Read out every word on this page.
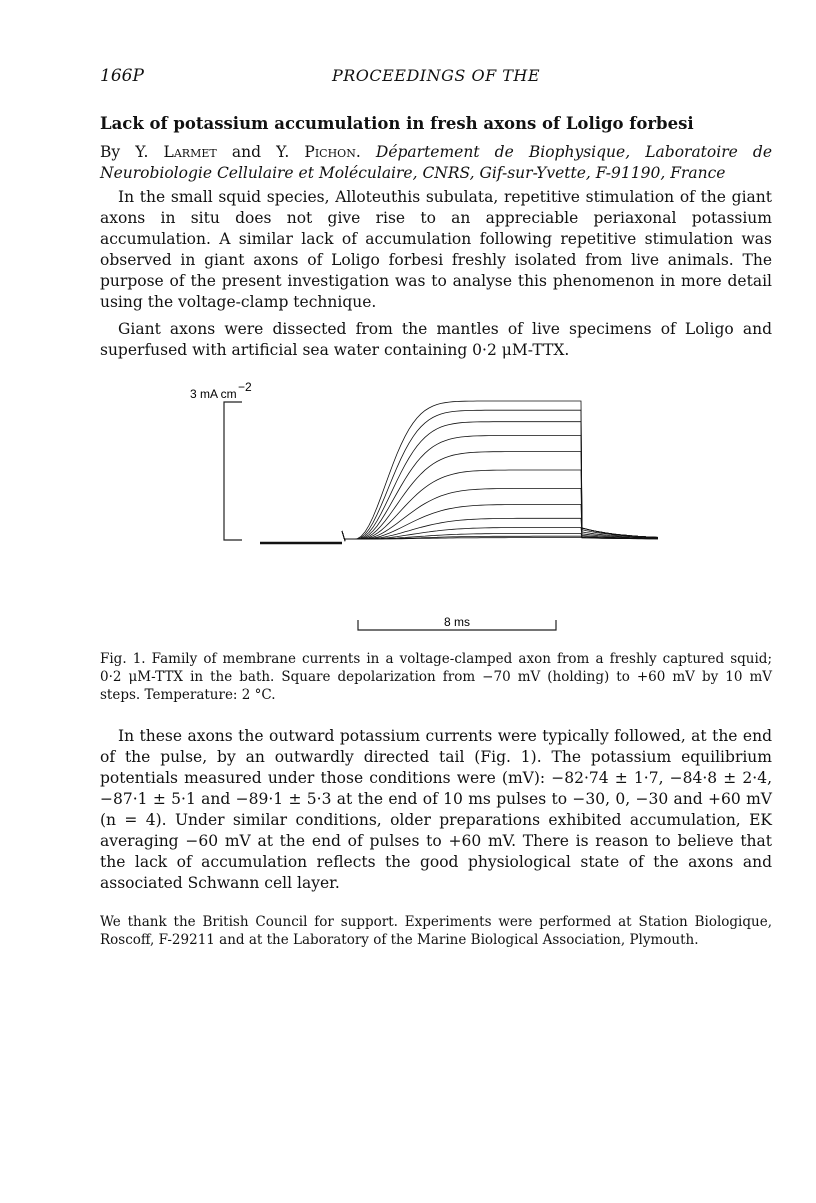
166P	PROCEEDINGS OF THE
Lack of potassium accumulation in fresh axons of Loligo forbesi
By Y. Larmet and Y. Pichon. Département de Biophysique, Laboratoire de Neurobiologie Cellulaire et Moléculaire, CNRS, Gif-sur-Yvette, F-91190, France
In the small squid species, Alloteuthis subulata, repetitive stimulation of the giant axons in situ does not give rise to an appreciable periaxonal potassium accumulation. A similar lack of accumulation following repetitive stimulation was observed in giant axons of Loligo forbesi freshly isolated from live animals. The purpose of the present investigation was to analyse this phenomenon in more detail using the voltage-clamp technique.
Giant axons were dissected from the mantles of live specimens of Loligo and superfused with artificial sea water containing 0·2 μM-TTX.
3 mA cm −2
8 ms
Fig. 1. Family of membrane currents in a voltage-clamped axon from a freshly captured squid; 0·2 μM-TTX in the bath. Square depolarization from −70 mV (holding) to +60 mV by 10 mV steps. Temperature: 2 °C.
In these axons the outward potassium currents were typically followed, at the end of the pulse, by an outwardly directed tail (Fig. 1). The potassium equilibrium potentials measured under those conditions were (mV): −82·74 ± 1·7, −84·8 ± 2·4, −87·1 ± 5·1 and −89·1 ± 5·3 at the end of 10 ms pulses to −30, 0, −30 and +60 mV (n = 4). Under similar conditions, older preparations exhibited accumulation, EK averaging −60 mV at the end of pulses to +60 mV. There is reason to believe that the lack of accumulation reflects the good physiological state of the axons and associated Schwann cell layer.
We thank the British Council for support. Experiments were performed at Station Biologique, Roscoff, F-29211 and at the Laboratory of the Marine Biological Association, Plymouth.
